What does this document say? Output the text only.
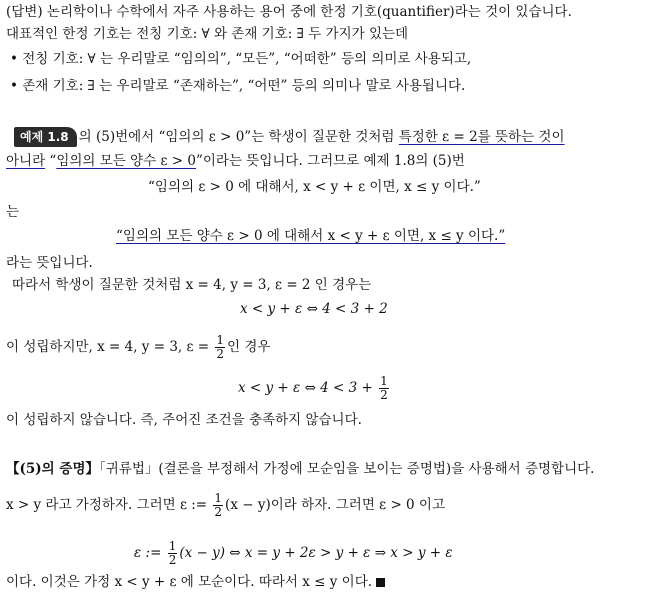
(답변) 논리학이나 수학에서 자주 사용하는 용어 중에 한정 기호(quantifier)라는 것이 있습니다.
대표적인 한정 기호는 전칭 기호: ∀ 와 존재 기호: ∃ 두 가지가 있는데
• 전칭 기호: ∀ 는 우리말로 “임의의”, “모든”, “어떠한” 등의 의미로 사용되고,
• 존재 기호: ∃ 는 우리말로 “존재하는”, “어떤” 등의 의미나 말로 사용됩니다.
예제 1.8 의 (5)번에서 “임의의 ε > 0”는 학생이 질문한 것처럼 특정한 ε = 2를 뜻하는 것이
아니라 “임의의 모든 양수 ε > 0”이라는 뜻입니다. 그러므로 예제 1.8의 (5)번
“임의의 ε > 0 에 대해서, x < y + ε 이면, x ≤ y 이다.”
는
“임의의 모든 양수 ε > 0 에 대해서 x < y + ε 이면, x ≤ y 이다.”
라는 뜻입니다.
따라서 학생이 질문한 것처럼 x = 4, y = 3, ε = 2 인 경우는
x < y + ε ⇔ 4 < 3 + 2
이 성립하지만, x = 4, y = 3, $\varepsilon = \frac{1}{2}$ 인 경우
x < y + ε ⇔ $4 < 3 + \frac{1}{2}$
이 성립하지 않습니다. 즉, 주어진 조건을 충족하지 않습니다.
【(5)의 증명】「귀류법」(결론을 부정해서 가정에 모순임을 보이는 증명법)을 사용해서 증명합니다.
x > y 라고 가정하자. 그러면 ε := $\frac{1}{2} (x - y)$이라 하자. 그러면 ε > 0 이고
ε := $\frac{1}{2} (x - y)$ ⇔ x = y + 2ε > y + ε ⇒ x > y + ε
이다. 이것은 가정 x < y + ε 에 모순이다. 따라서 x ≤ y 이다.
